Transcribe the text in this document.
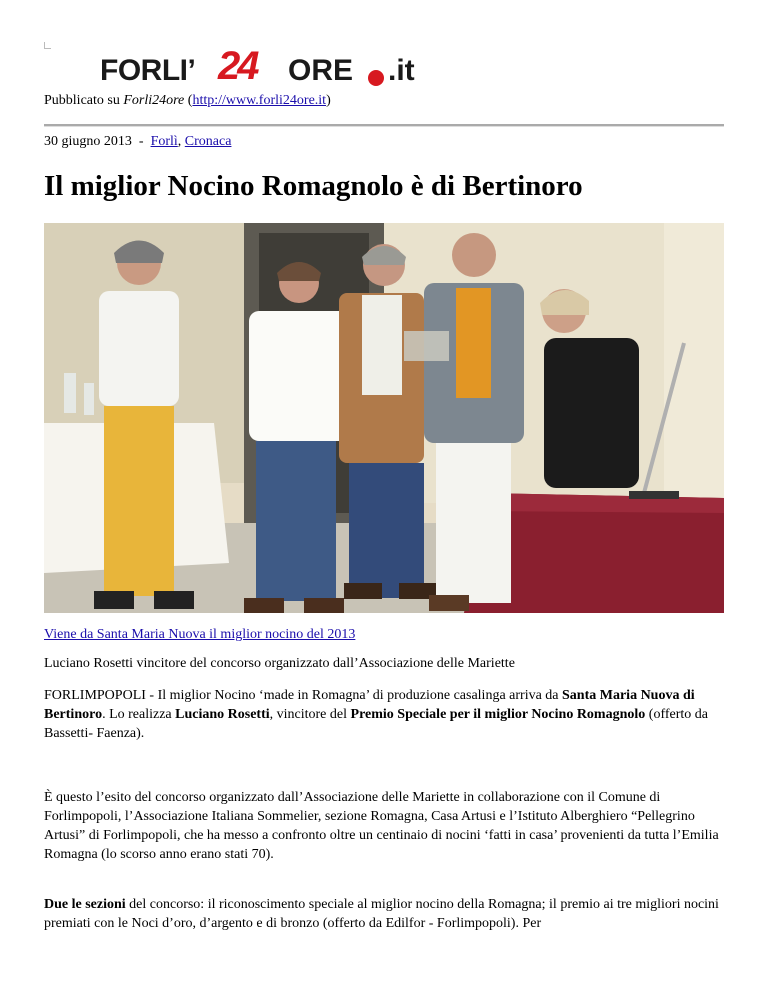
FORLI’ 24 ORE .it
Pubblicato su Forli24ore (http://www.forli24ore.it)
30 giugno 2013 - Forlì, Cronaca
Il miglior Nocino Romagnolo è di Bertinoro
Viene da Santa Maria Nuova il miglior nocino del 2013
Luciano Rosetti vincitore del concorso organizzato dall’Associazione delle Mariette

FORLIMPOPOLI - Il miglior Nocino ‘made in Romagna’ di produzione casalinga arriva da Santa Maria Nuova di Bertinoro. Lo realizza Luciano Rosetti, vincitore del Premio Speciale per il miglior Nocino Romagnolo (offerto da Bassetti- Faenza).

È questo l’esito del concorso organizzato dall’Associazione delle Mariette in collaborazione con il Comune di Forlimpopoli, l’Associazione Italiana Sommelier, sezione Romagna, Casa Artusi e l’Istituto Alberghiero “Pellegrino Artusi” di Forlimpopoli, che ha messo a confronto oltre un centinaio di nocini ‘fatti in casa’ provenienti da tutta l’Emilia Romagna (lo scorso anno erano stati 70).

Due le sezioni del concorso: il riconoscimento speciale al miglior nocino della Romagna; il premio ai tre migliori nocini premiati con le Noci d’oro, d’argento e di bronzo (offerto da Edilfor - Forlimpopoli). Per
